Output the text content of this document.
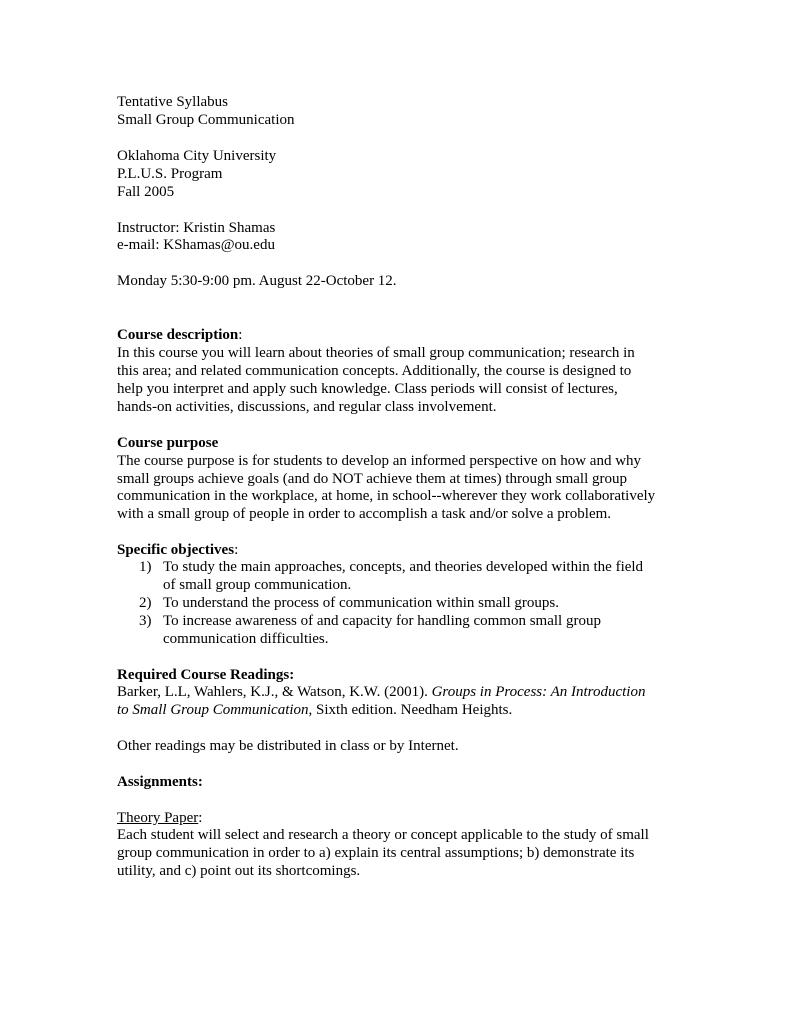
Tentative Syllabus
Small Group Communication
Oklahoma City University
P.L.U.S. Program
Fall 2005
Instructor: Kristin Shamas
e-mail: KShamas@ou.edu
Monday 5:30-9:00 pm. August 22-October 12.
Course description:
In this course you will learn about theories of small group communication; research in
this area; and related communication concepts. Additionally, the course is designed to
help you interpret and apply such knowledge. Class periods will consist of lectures,
hands-on activities, discussions, and regular class involvement.
Course purpose
The course purpose is for students to develop an informed perspective on how and why
small groups achieve goals (and do NOT achieve them at times) through small group
communication in the workplace, at home, in school--wherever they work collaboratively
with a small group of people in order to accomplish a task and/or solve a problem.
Specific objectives:
1) To study the main approaches, concepts, and theories developed within the field
of small group communication.
2) To understand the process of communication within small groups.
3) To increase awareness of and capacity for handling common small group
communication difficulties.
Required Course Readings:
Barker, L.L, Wahlers, K.J., & Watson, K.W. (2001). Groups in Process: An Introduction
to Small Group Communication, Sixth edition. Needham Heights.
Other readings may be distributed in class or by Internet.
Assignments:
Theory Paper:
Each student will select and research a theory or concept applicable to the study of small
group communication in order to a) explain its central assumptions; b) demonstrate its
utility, and c) point out its shortcomings.
